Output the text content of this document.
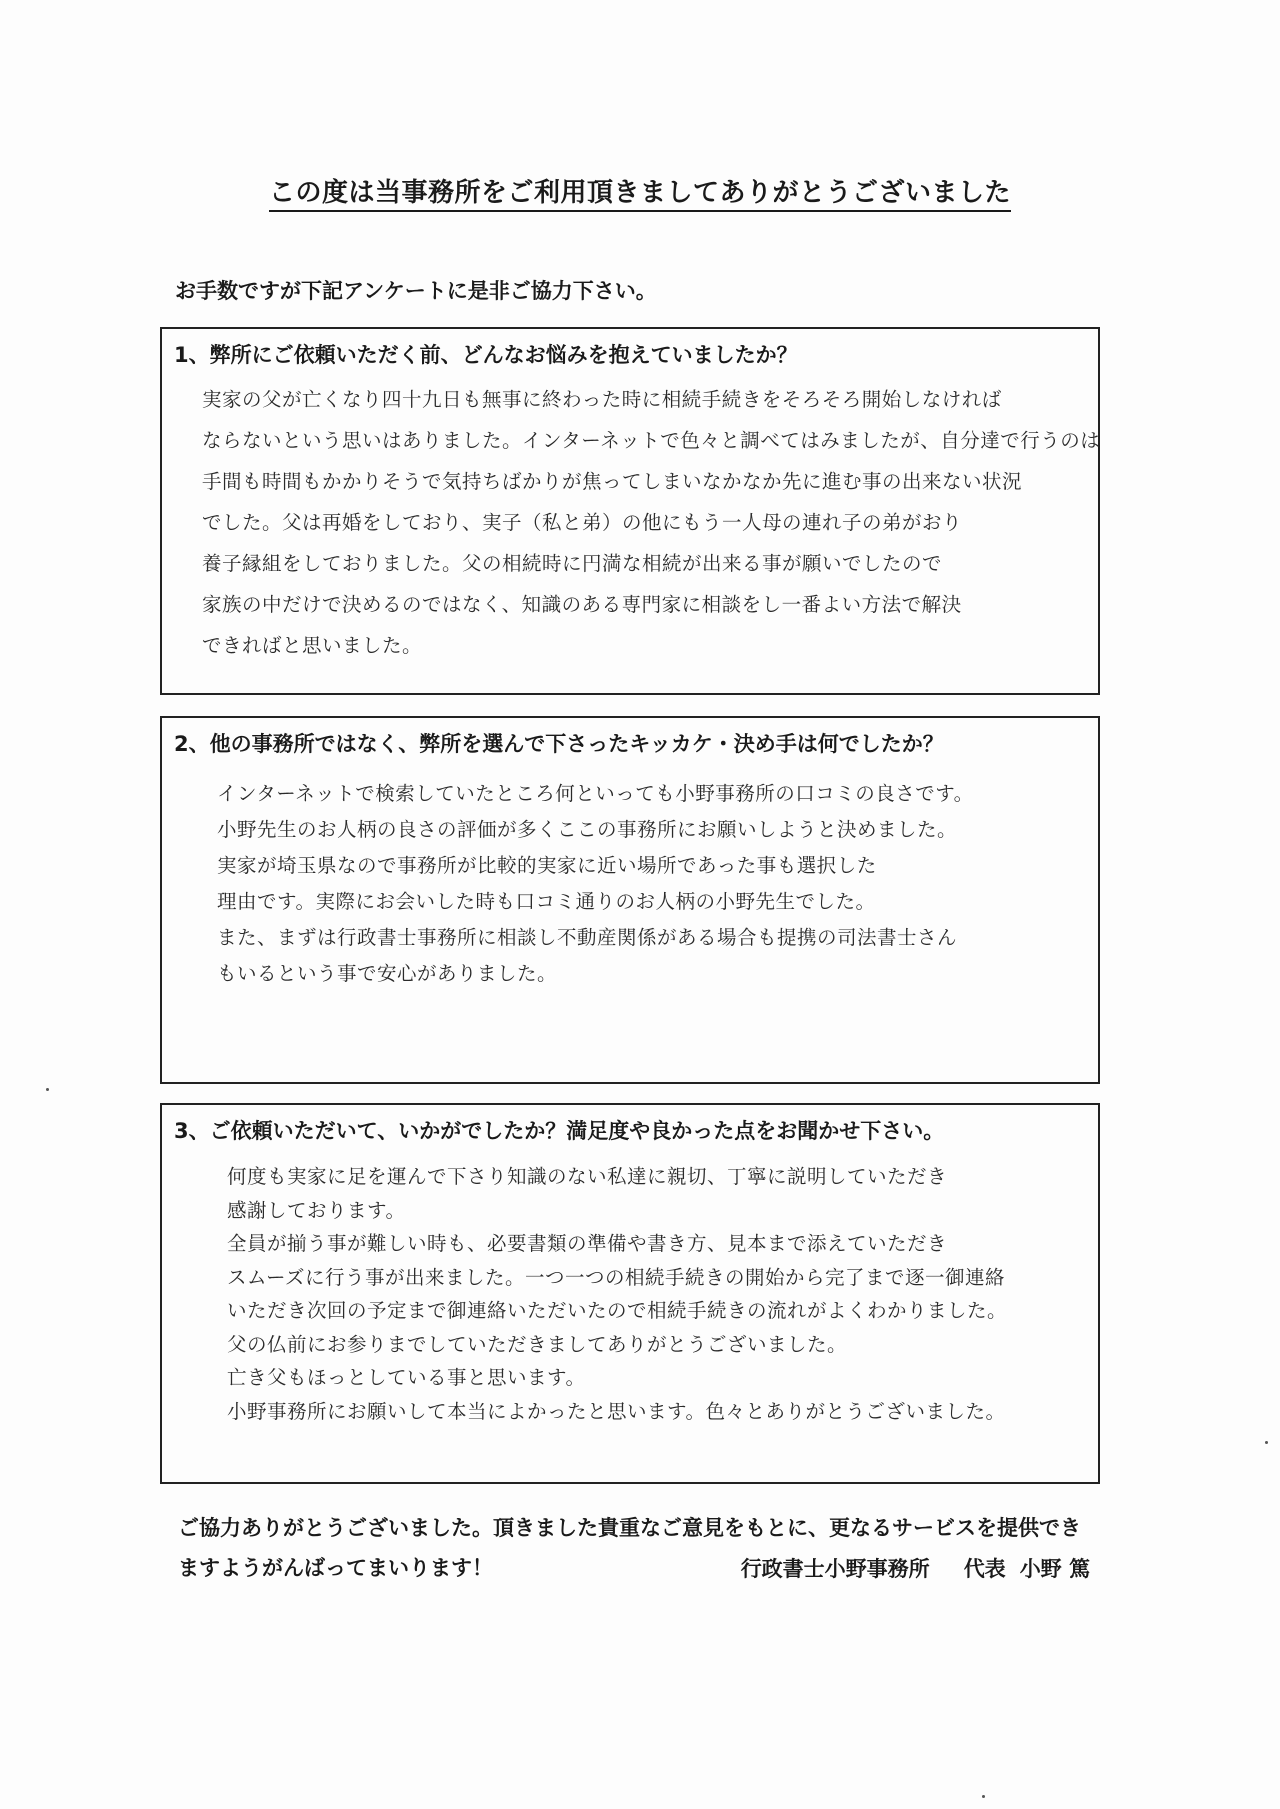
この度は当事務所をご利用頂きましてありがとうございました
お手数ですが下記アンケートに是非ご協力下さい。
1、弊所にご依頼いただく前、どんなお悩みを抱えていましたか？
実家の父が亡くなり四十九日も無事に終わった時に相続手続きをそろそろ開始しなければ
ならないという思いはありました。インターネットで色々と調べてはみましたが、自分達で行うのは
手間も時間もかかりそうで気持ちばかりが焦ってしまいなかなか先に進む事の出来ない状況
でした。父は再婚をしており、実子（私と弟）の他にもう一人母の連れ子の弟がおり
養子縁組をしておりました。父の相続時に円満な相続が出来る事が願いでしたので
家族の中だけで決めるのではなく、知識のある専門家に相談をし一番よい方法で解決
できればと思いました。
2、他の事務所ではなく、弊所を選んで下さったキッカケ・決め手は何でしたか？
インターネットで検索していたところ何といっても小野事務所の口コミの良さです。
小野先生のお人柄の良さの評価が多くここの事務所にお願いしようと決めました。
実家が埼玉県なので事務所が比較的実家に近い場所であった事も選択した
理由です。実際にお会いした時も口コミ通りのお人柄の小野先生でした。
また、まずは行政書士事務所に相談し不動産関係がある場合も提携の司法書士さん
もいるという事で安心がありました。
3、ご依頼いただいて、いかがでしたか？満足度や良かった点をお聞かせ下さい。
何度も実家に足を運んで下さり知識のない私達に親切、丁寧に説明していただき
感謝しております。
全員が揃う事が難しい時も、必要書類の準備や書き方、見本まで添えていただき
スムーズに行う事が出来ました。一つ一つの相続手続きの開始から完了まで逐一御連絡
いただき次回の予定まで御連絡いただいたので相続手続きの流れがよくわかりました。
父の仏前にお参りまでしていただきましてありがとうございました。
亡き父もほっとしている事と思います。
小野事務所にお願いして本当によかったと思います。色々とありがとうございました。
ご協力ありがとうございました。頂きました貴重なご意見をもとに、更なるサービスを提供できますようがんばってまいります！	行政書士小野事務所 代表 小野 篤
